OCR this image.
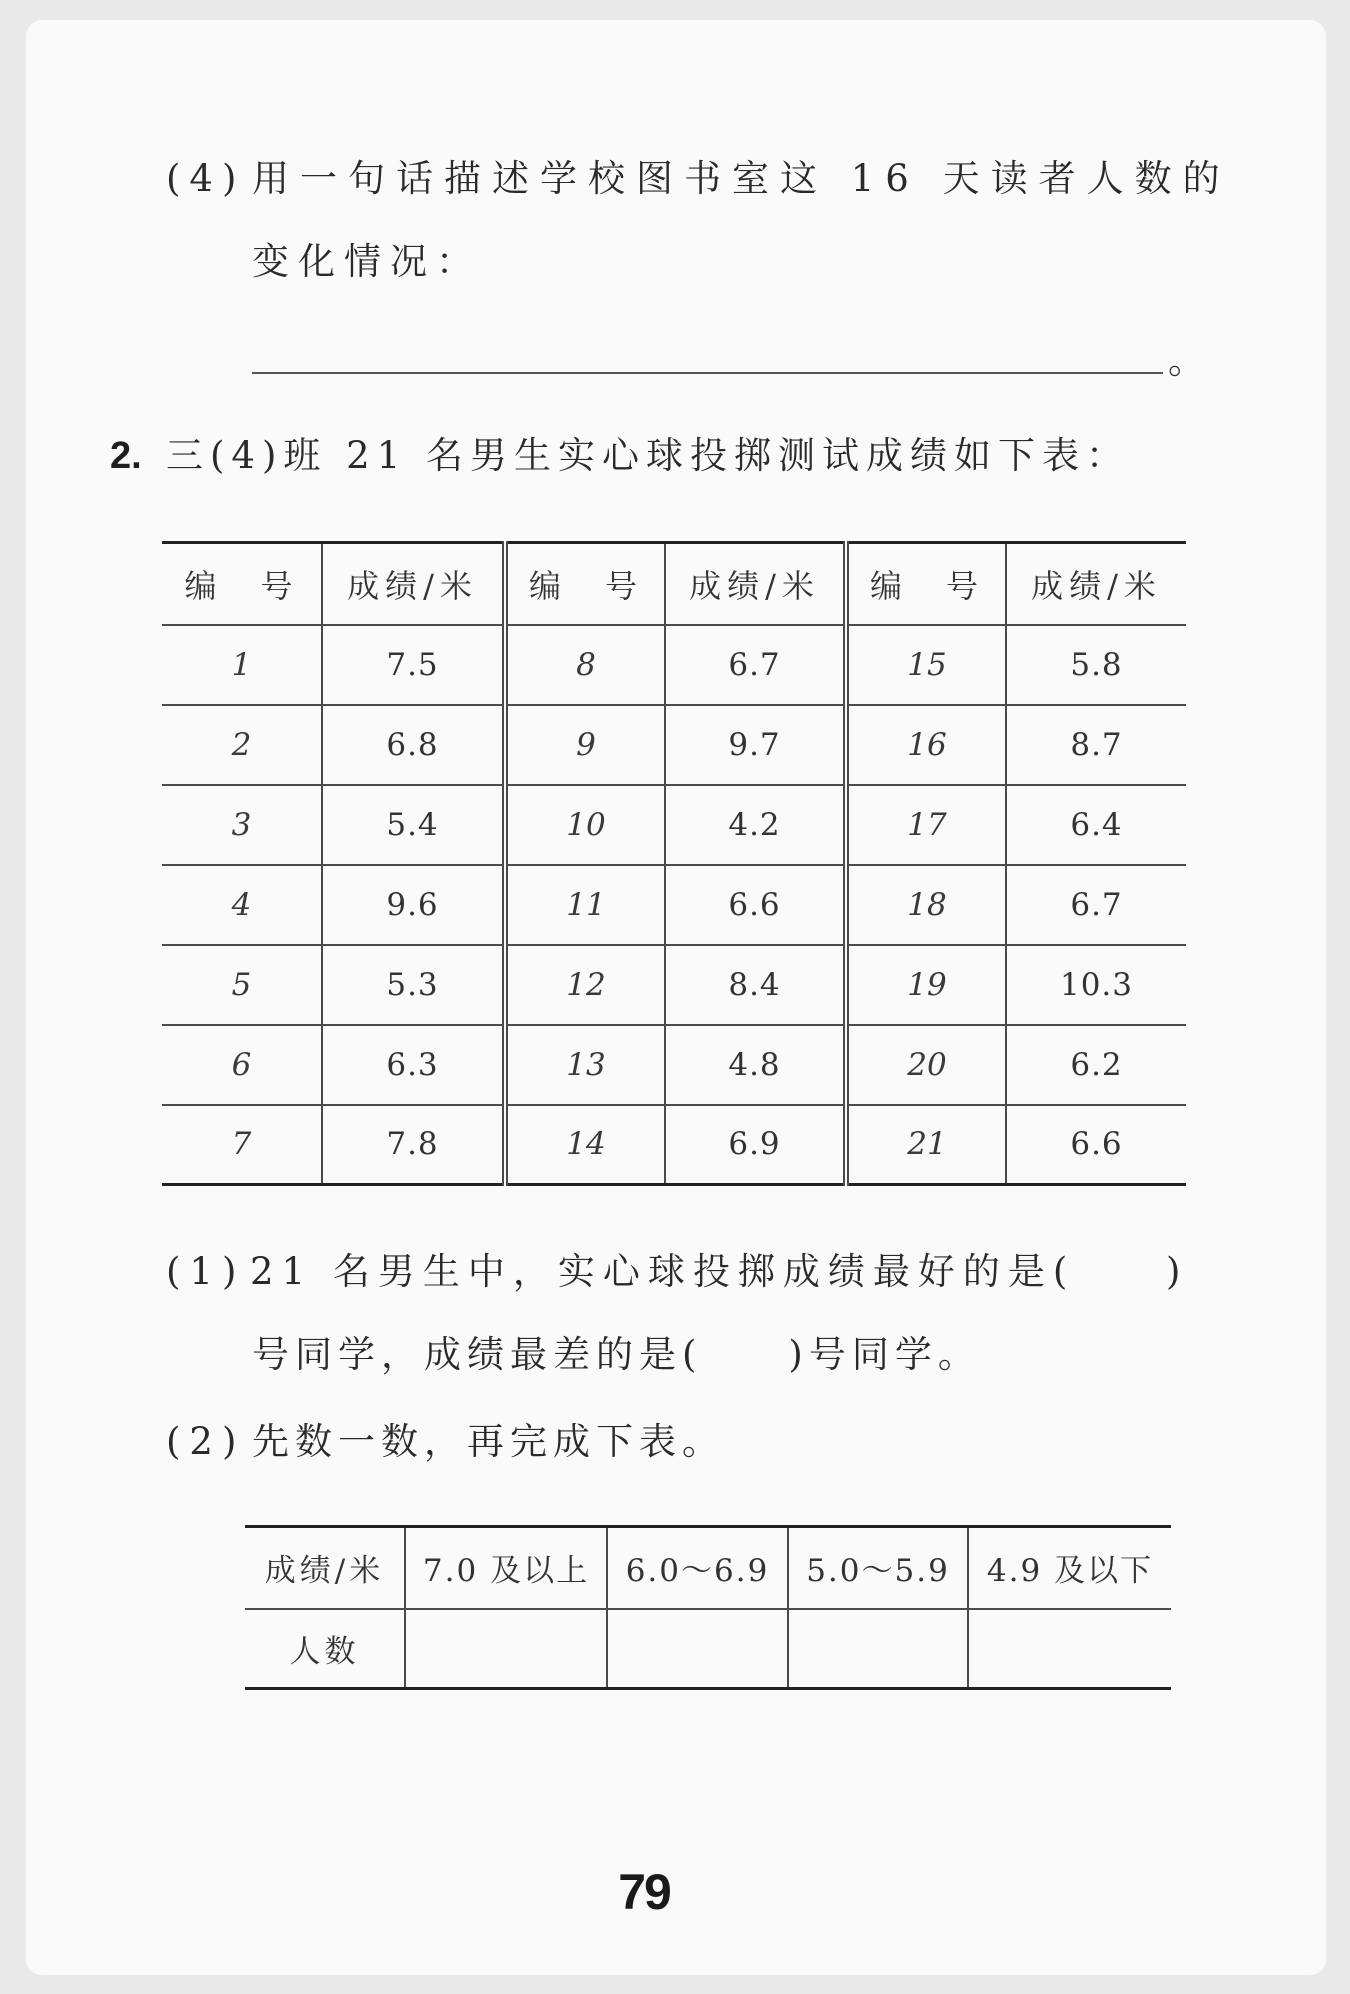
(4) 用一句话描述学校图书室这 16 天读者人数的
变化情况：
。
2. 三(4)班 21 名男生实心球投掷测试成绩如下表：
编　号	成绩/米	编　号	成绩/米	编　号	成绩/米
1	7.5	8	6.7	15	5.8
2	6.8	9	9.7	16	8.7
3	5.4	10	4.2	17	6.4
4	9.6	11	6.6	18	6.7
5	5.3	12	8.4	19	10.3
6	6.3	13	4.8	20	6.2
7	7.8	14	6.9	21	6.6
(1) 21 名男生中，实心球投掷成绩最好的是( )
号同学，成绩最差的是(　　)号同学。
(2) 先数一数，再完成下表。
成绩/米	7.0 及以上	6.0～6.9	5.0～5.9	4.9 及以下
人数				
79
